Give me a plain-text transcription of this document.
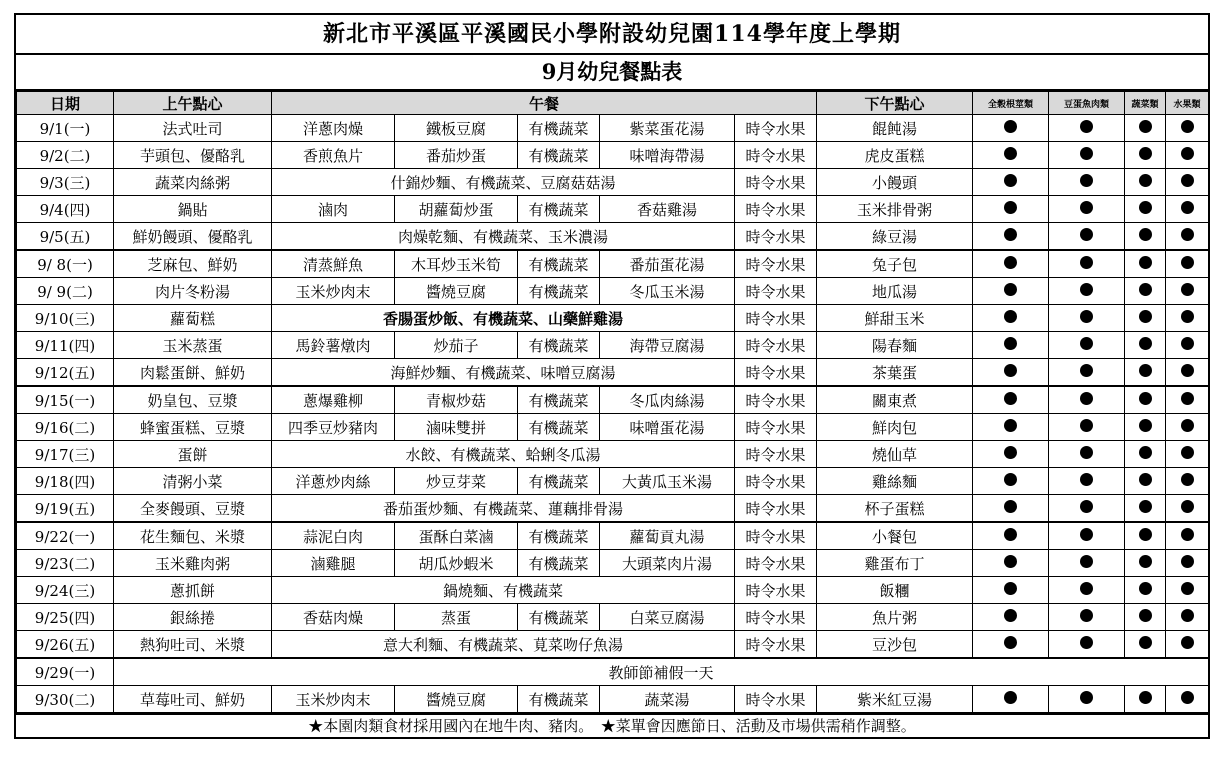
新北市平溪區平溪國民小學附設幼兒園114學年度上學期
9月幼兒餐點表
日期	上午點心	午餐					下午點心	全穀根莖類	豆蛋魚肉類	蔬菜類	水果類
9/1(一)	法式吐司	洋蔥肉燥	鐵板豆腐	有機蔬菜	紫菜蛋花湯	時令水果	餛飩湯				
9/2(二)	芋頭包、優酪乳	香煎魚片	番茄炒蛋	有機蔬菜	味噌海帶湯	時令水果	虎皮蛋糕				
9/3(三)	蔬菜肉絲粥	什錦炒麵、有機蔬菜、豆腐菇菇湯				時令水果	小饅頭				
9/4(四)	鍋貼	滷肉	胡蘿蔔炒蛋	有機蔬菜	香菇雞湯	時令水果	玉米排骨粥				
9/5(五)	鮮奶饅頭、優酪乳	肉燥乾麵、有機蔬菜、玉米濃湯				時令水果	綠豆湯				
9/ 8(一)	芝麻包、鮮奶	清蒸鮮魚	木耳炒玉米筍	有機蔬菜	番茄蛋花湯	時令水果	兔子包				
9/ 9(二)	肉片冬粉湯	玉米炒肉末	醬燒豆腐	有機蔬菜	冬瓜玉米湯	時令水果	地瓜湯				
9/10(三)	蘿蔔糕	香腸蛋炒飯、有機蔬菜、山藥鮮雞湯				時令水果	鮮甜玉米				
9/11(四)	玉米蒸蛋	馬鈴薯燉肉	炒茄子	有機蔬菜	海帶豆腐湯	時令水果	陽春麵				
9/12(五)	肉鬆蛋餅、鮮奶	海鮮炒麵、有機蔬菜、味噌豆腐湯				時令水果	茶葉蛋				
9/15(一)	奶皇包、豆漿	蔥爆雞柳	青椒炒菇	有機蔬菜	冬瓜肉絲湯	時令水果	關東煮				
9/16(二)	蜂蜜蛋糕、豆漿	四季豆炒豬肉	滷味雙拼	有機蔬菜	味噌蛋花湯	時令水果	鮮肉包				
9/17(三)	蛋餅	水餃、有機蔬菜、蛤蜊冬瓜湯				時令水果	燒仙草				
9/18(四)	清粥小菜	洋蔥炒肉絲	炒豆芽菜	有機蔬菜	大黃瓜玉米湯	時令水果	雞絲麵				
9/19(五)	全麥饅頭、豆漿	番茄蛋炒麵、有機蔬菜、蓮藕排骨湯				時令水果	杯子蛋糕				
9/22(一)	花生麵包、米漿	蒜泥白肉	蛋酥白菜滷	有機蔬菜	蘿蔔貢丸湯	時令水果	小餐包				
9/23(二)	玉米雞肉粥	滷雞腿	胡瓜炒蝦米	有機蔬菜	大頭菜肉片湯	時令水果	雞蛋布丁				
9/24(三)	蔥抓餅	鍋燒麵、有機蔬菜				時令水果	飯糰				
9/25(四)	銀絲捲	香菇肉燥	蒸蛋	有機蔬菜	白菜豆腐湯	時令水果	魚片粥				
9/26(五)	熱狗吐司、米漿	意大利麵、有機蔬菜、莧菜吻仔魚湯				時令水果	豆沙包				
9/29(一)	教師節補假一天										
9/30(二)	草莓吐司、鮮奶	玉米炒肉末	醬燒豆腐	有機蔬菜	蔬菜湯	時令水果	紫米紅豆湯				
★本園肉類食材採用國內在地牛肉、豬肉。　★菜單會因應節日、活動及市場供需稍作調整。
